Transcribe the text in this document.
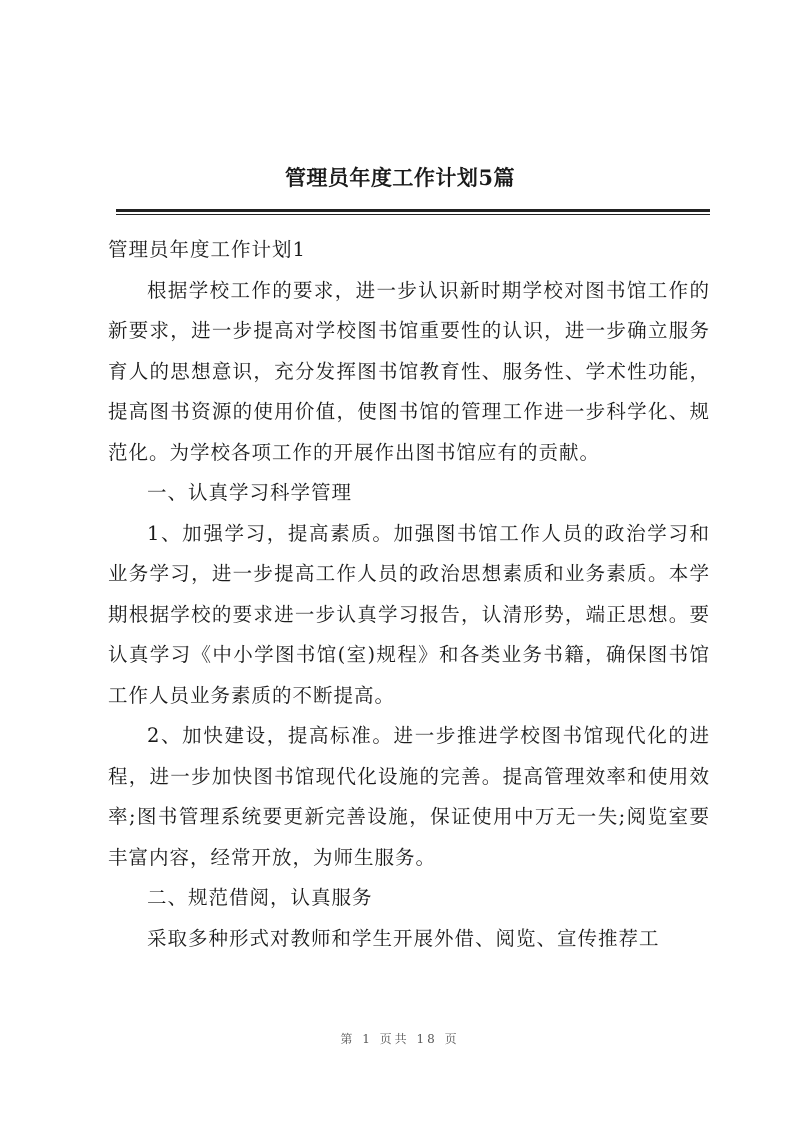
管理员年度工作计划5篇

管理员年度工作计划1

根据学校工作的要求，进一步认识新时期学校对图书馆工作的新要求，进一步提高对学校图书馆重要性的认识，进一步确立服务育人的思想意识，充分发挥图书馆教育性、服务性、学术性功能，提高图书资源的使用价值，使图书馆的管理工作进一步科学化、规范化。为学校各项工作的开展作出图书馆应有的贡献。

一、认真学习科学管理

1、加强学习，提高素质。加强图书馆工作人员的政治学习和业务学习，进一步提高工作人员的政治思想素质和业务素质。本学期根据学校的要求进一步认真学习报告，认清形势，端正思想。要认真学习《中小学图书馆(室)规程》和各类业务书籍，确保图书馆工作人员业务素质的不断提高。

2、加快建设，提高标准。进一步推进学校图书馆现代化的进程，进一步加快图书馆现代化设施的完善。提高管理效率和使用效率;图书管理系统要更新完善设施，保证使用中万无一失;阅览室要丰富内容，经常开放，为师生服务。

二、规范借阅，认真服务

采取多种形式对教师和学生开展外借、阅览、宣传推荐工

第 1 页共 18 页
